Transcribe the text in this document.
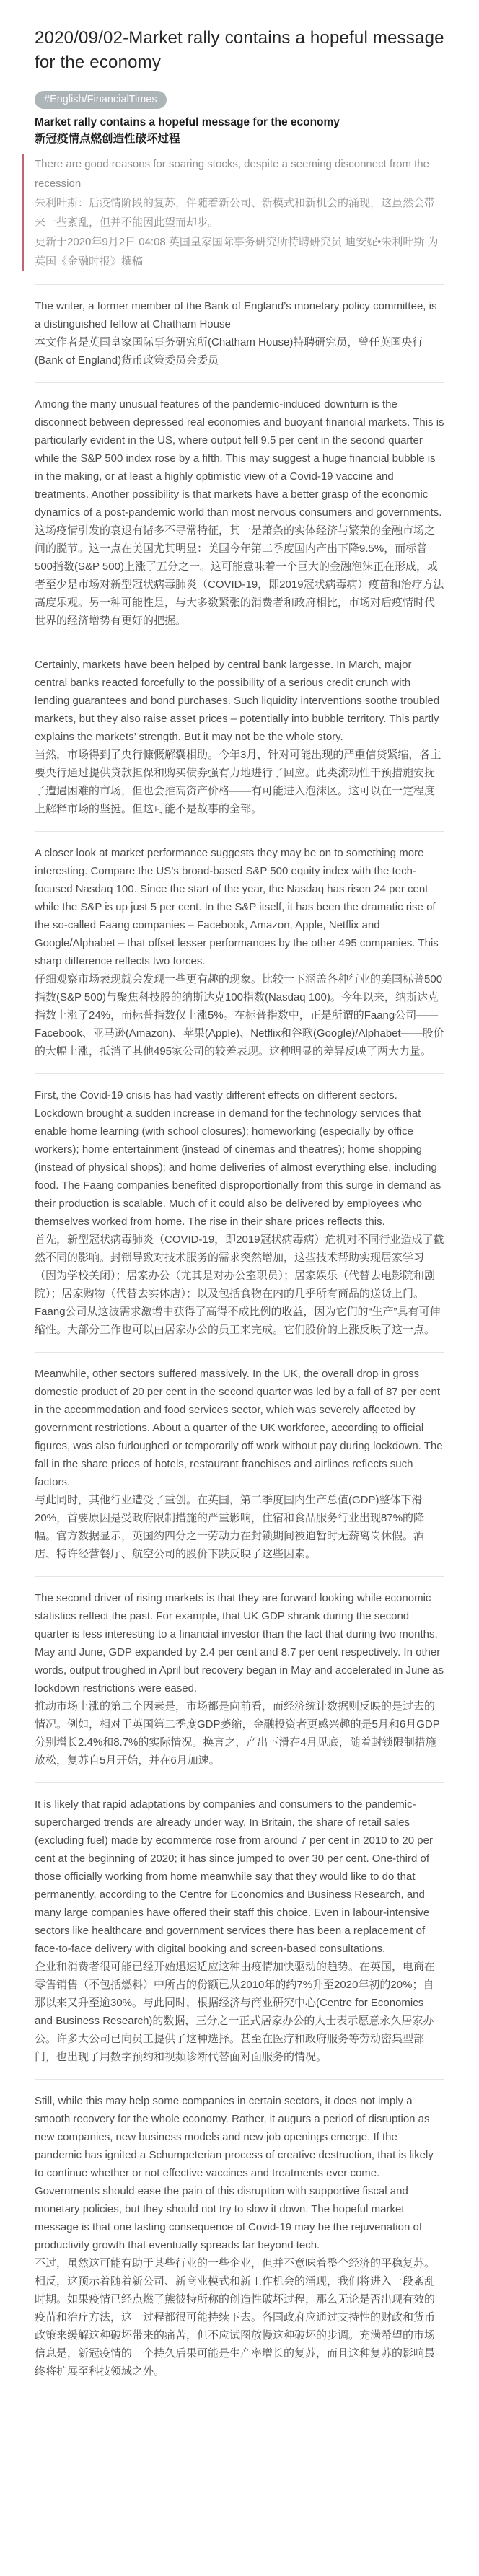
2020/09/02-Market rally contains a hopeful message for the economy
#English/FinancialTimes
Market rally contains a hopeful message for the economy
新冠疫情点燃创造性破坏过程
There are good reasons for soaring stocks, despite a seeming disconnect from the recession
朱利叶斯：后疫情阶段的复苏，伴随着新公司、新模式和新机会的涌现，这虽然会带来一些紊乱，但并不能因此望而却步。
更新于2020年9月2日 04:08 英国皇家国际事务研究所特聘研究员 迪安妮•朱利叶斯 为英国《金融时报》撰稿
The writer, a former member of the Bank of England’s monetary policy committee, is a distinguished fellow at Chatham House
本文作者是英国皇家国际事务研究所(Chatham House)特聘研究员，曾任英国央行(Bank of England)货币政策委员会委员
Among the many unusual features of the pandemic-induced downturn is the disconnect between depressed real economies and buoyant financial markets. This is particularly evident in the US, where output fell 9.5 per cent in the second quarter while the S&P 500 index rose by a fifth. This may suggest a huge financial bubble is in the making, or at least a highly optimistic view of a Covid-19 vaccine and treatments. Another possibility is that markets have a better grasp of the economic dynamics of a post-pandemic world than most nervous consumers and governments.
这场疫情引发的衰退有诸多不寻常特征，其一是萧条的实体经济与繁荣的金融市场之间的脱节。这一点在美国尤其明显：美国今年第二季度国内产出下降9.5%，而标普500指数(S&P 500)上涨了五分之一。这可能意味着一个巨大的金融泡沫正在形成，或者至少是市场对新型冠状病毒肺炎（COVID-19，即2019冠状病毒病）疫苗和治疗方法高度乐观。另一种可能性是，与大多数紧张的消费者和政府相比，市场对后疫情时代世界的经济增势有更好的把握。
Certainly, markets have been helped by central bank largesse. In March, major central banks reacted forcefully to the possibility of a serious credit crunch with lending guarantees and bond purchases. Such liquidity interventions soothe troubled markets, but they also raise asset prices – potentially into bubble territory. This partly explains the markets’ strength. But it may not be the whole story.
当然，市场得到了央行慷慨解囊相助。今年3月，针对可能出现的严重信贷紧缩，各主要央行通过提供贷款担保和购买债券强有力地进行了回应。此类流动性干预措施安抚了遭遇困难的市场，但也会推高资产价格——有可能进入泡沫区。这可以在一定程度上解释市场的坚挺。但这可能不是故事的全部。
A closer look at market performance suggests they may be on to something more interesting. Compare the US’s broad-based S&P 500 equity index with the tech-focused Nasdaq 100. Since the start of the year, the Nasdaq has risen 24 per cent while the S&P is up just 5 per cent. In the S&P itself, it has been the dramatic rise of the so-called Faang companies – Facebook, Amazon, Apple, Netflix and Google/Alphabet – that offset lesser performances by the other 495 companies. This sharp difference reflects two forces.
仔细观察市场表现就会发现一些更有趣的现象。比较一下涵盖各种行业的美国标普500指数(S&P 500)与聚焦科技股的纳斯达克100指数(Nasdaq 100)。今年以来，纳斯达克指数上涨了24%，而标普指数仅上涨5%。在标普指数中，正是所谓的Faang公司——Facebook、亚马逊(Amazon)、苹果(Apple)、Netflix和谷歌(Google)/Alphabet——股价的大幅上涨，抵消了其他495家公司的较差表现。这种明显的差异反映了两大力量。
First, the Covid-19 crisis has had vastly different effects on different sectors. Lockdown brought a sudden increase in demand for the technology services that enable home learning (with school closures); homeworking (especially by office workers); home entertainment (instead of cinemas and theatres); home shopping (instead of physical shops); and home deliveries of almost everything else, including food. The Faang companies benefited disproportionally from this surge in demand as their production is scalable. Much of it could also be delivered by employees who themselves worked from home. The rise in their share prices reflects this.
首先，新型冠状病毒肺炎（COVID-19，即2019冠状病毒病）危机对不同行业造成了截然不同的影响。封锁导致对技术服务的需求突然增加，这些技术帮助实现居家学习（因为学校关闭）；居家办公（尤其是对办公室职员）；居家娱乐（代替去电影院和剧院）；居家购物（代替去实体店）；以及包括食物在内的几乎所有商品的送货上门。Faang公司从这波需求激增中获得了高得不成比例的收益，因为它们的“生产”具有可伸缩性。大部分工作也可以由居家办公的员工来完成。它们股价的上涨反映了这一点。
Meanwhile, other sectors suffered massively. In the UK, the overall drop in gross domestic product of 20 per cent in the second quarter was led by a fall of 87 per cent in the accommodation and food services sector, which was severely affected by government restrictions. About a quarter of the UK workforce, according to official figures, was also furloughed or temporarily off work without pay during lockdown. The fall in the share prices of hotels, restaurant franchises and airlines reflects such factors.
与此同时，其他行业遭受了重创。在英国，第二季度国内生产总值(GDP)整体下滑20%，首要原因是受政府限制措施的严重影响，住宿和食品服务行业出现87%的降幅。官方数据显示，英国约四分之一劳动力在封锁期间被迫暂时无薪离岗休假。酒店、特许经营餐厅、航空公司的股价下跌反映了这些因素。
The second driver of rising markets is that they are forward looking while economic statistics reflect the past. For example, that UK GDP shrank during the second quarter is less interesting to a financial investor than the fact that during two months, May and June, GDP expanded by 2.4 per cent and 8.7 per cent respectively. In other words, output troughed in April but recovery began in May and accelerated in June as lockdown restrictions were eased.
推动市场上涨的第二个因素是，市场都是向前看，而经济统计数据则反映的是过去的情况。例如，相对于英国第二季度GDP萎缩，金融投资者更感兴趣的是5月和6月GDP分别增长2.4%和8.7%的实际情况。换言之，产出下滑在4月见底，随着封锁限制措施放松，复苏自5月开始，并在6月加速。
It is likely that rapid adaptations by companies and consumers to the pandemic-supercharged trends are already under way. In Britain, the share of retail sales (excluding fuel) made by ecommerce rose from around 7 per cent in 2010 to 20 per cent at the beginning of 2020; it has since jumped to over 30 per cent. One-third of those officially working from home meanwhile say that they would like to do that permanently, according to the Centre for Economics and Business Research, and many large companies have offered their staff this choice. Even in labour-intensive sectors like healthcare and government services there has been a replacement of face-to-face delivery with digital booking and screen-based consultations.
企业和消费者很可能已经开始迅速适应这种由疫情加快驱动的趋势。在英国，电商在零售销售（不包括燃料）中所占的份额已从2010年的约7%升至2020年初的20%；自那以来又升至逾30%。与此同时，根据经济与商业研究中心(Centre for Economics and Business Research)的数据，三分之一正式居家办公的人士表示愿意永久居家办公。许多大公司已向员工提供了这种选择。甚至在医疗和政府服务等劳动密集型部门，也出现了用数字预约和视频诊断代替面对面服务的情况。
Still, while this may help some companies in certain sectors, it does not imply a smooth recovery for the whole economy. Rather, it augurs a period of disruption as new companies, new business models and new job openings emerge. If the pandemic has ignited a Schumpeterian process of creative destruction, that is likely to continue whether or not effective vaccines and treatments ever come. Governments should ease the pain of this disruption with supportive fiscal and monetary policies, but they should not try to slow it down. The hopeful market message is that one lasting consequence of Covid-19 may be the rejuvenation of productivity growth that eventually spreads far beyond tech.
不过，虽然这可能有助于某些行业的一些企业，但并不意味着整个经济的平稳复苏。相反，这预示着随着新公司、新商业模式和新工作机会的涌现，我们将进入一段紊乱时期。如果疫情已经点燃了熊彼特所称的创造性破坏过程，那么无论是否出现有效的疫苗和治疗方法，这一过程都很可能持续下去。各国政府应通过支持性的财政和货币政策来缓解这种破坏带来的痛苦，但不应试图放慢这种破坏的步调。充满希望的市场信息是，新冠疫情的一个持久后果可能是生产率增长的复苏，而且这种复苏的影响最终将扩展至科技领域之外。
